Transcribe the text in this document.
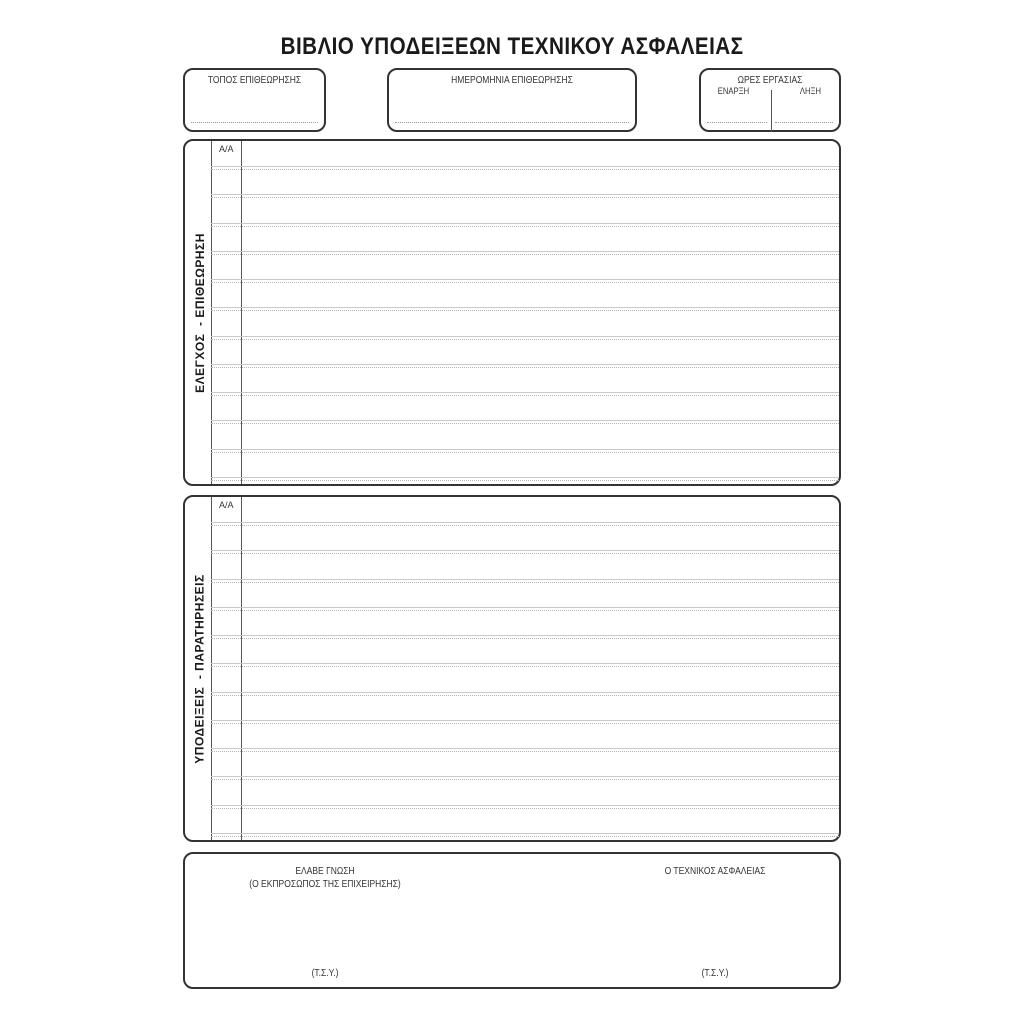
ΒΙΒΛΙΟ ΥΠΟΔΕΙΞΕΩΝ ΤΕΧΝΙΚΟΥ ΑΣΦΑΛΕΙΑΣ
ΤΟΠΟΣ ΕΠΙΘΕΩΡΗΣΗΣ	ΗΜΕΡΟΜΗΝΙΑ ΕΠΙΘΕΩΡΗΣΗΣ	ΩΡΕΣ ΕΡΓΑΣΙΑΣ
ΕΝΑΡΞΗ	ΛΗΞΗ
ΕΛΕΓΧΟΣ  - ΕΠΙΘΕΩΡΗΣΗ
Α/Α
ΥΠΟΔΕΙΞΕΙΣ  - ΠΑΡΑΤΗΡΗΣΕΙΣ
Α/Α
ΕΛΑΒΕ ΓΝΩΣΗ
(Ο ΕΚΠΡΟΣΩΠΟΣ ΤΗΣ ΕΠΙΧΕΙΡΗΣΗΣ)
Ο ΤΕΧΝΙΚΟΣ ΑΣΦΑΛΕΙΑΣ
(Τ.Σ.Υ.)	(Τ.Σ.Υ.)
